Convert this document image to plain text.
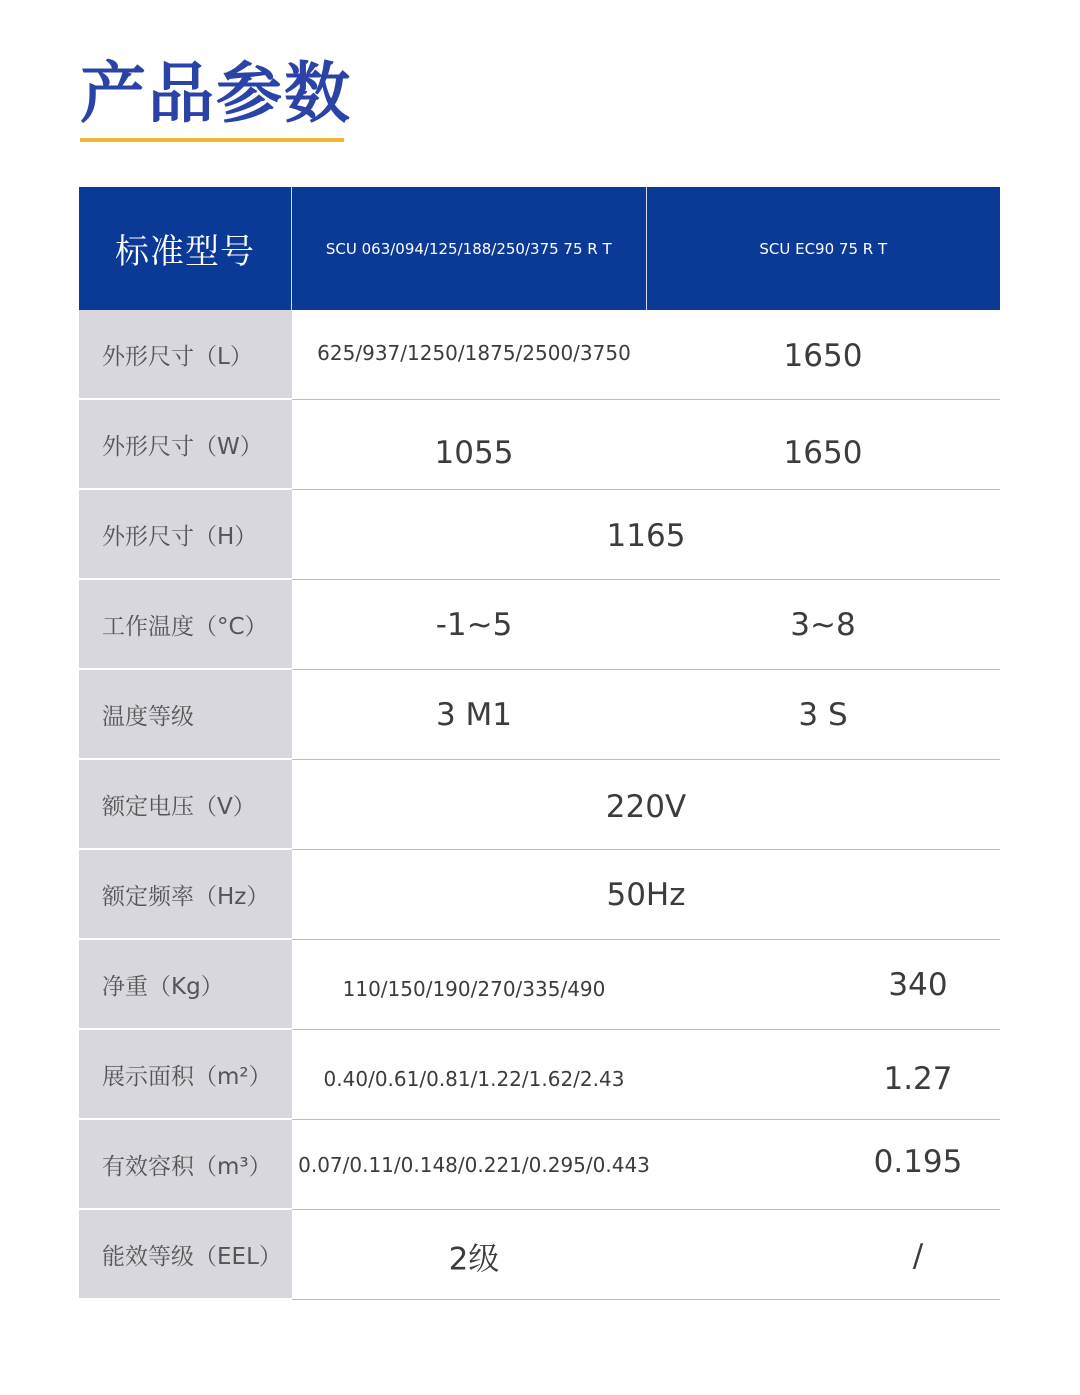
产品参数
标准型号	SCU 063/094/125/188/250/375 75 R T	SCU EC90 75 R T
外形尺寸（L）	625/937/1250/1875/2500/3750	1650
外形尺寸（W）	1055	1650
外形尺寸（H）	1165
工作温度（°C）	-1~5	3~8
温度等级	3 M1	3 S
额定电压（V）	220V
额定频率（Hz）	50Hz
净重（Kg）	110/150/190/270/335/490	340
展示面积（m²）	0.40/0.61/0.81/1.22/1.62/2.43	1.27
有效容积（m³）	0.07/0.11/0.148/0.221/0.295/0.443	0.195
能效等级（EEL）	2级	/
